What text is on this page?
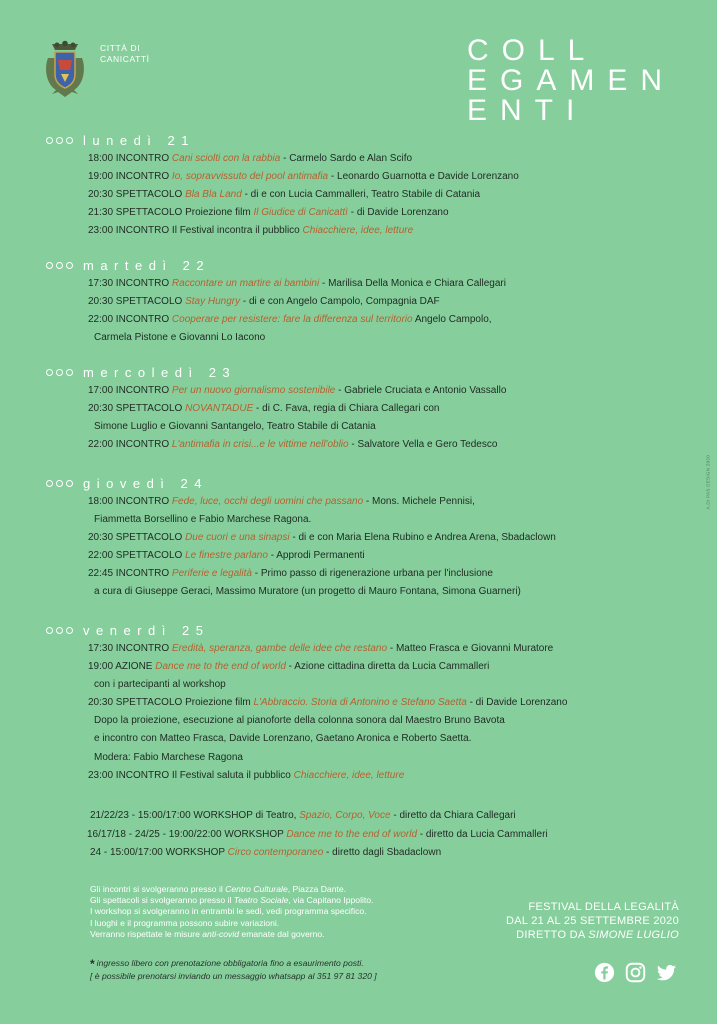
CITTÀ DI
CANICATTÌ	COLL
EGAMEN
ENTI
A.DI PAS DESIGN 2020
lunedì 21
18:00 INCONTRO Cani sciolti con la rabbia - Carmelo Sardo e Alan Scifo
19:00 INCONTRO Io, sopravvissuto del pool antimafia - Leonardo Guarnotta e Davide Lorenzano
20:30 SPETTACOLO Bla Bla Land - di e con Lucia Cammalleri, Teatro Stabile di Catania
21:30 SPETTACOLO Proiezione film Il Giudice di Canicattì - di Davide Lorenzano
23:00 INCONTRO Il Festival incontra il pubblico Chiacchiere, idee, letture
martedì 22
17:30 INCONTRO Raccontare un martire ai bambini - Marilisa Della Monica e Chiara Callegari
20:30 SPETTACOLO Stay Hungry - di e con Angelo Campolo, Compagnia DAF
22:00 INCONTRO Cooperare per resistere: fare la differenza sul territorio Angelo Campolo,
Carmela Pistone e Giovanni Lo Iacono
mercoledì 23
17:00 INCONTRO Per un nuovo giornalismo sostenibile - Gabriele Cruciata e Antonio Vassallo
20:30 SPETTACOLO NOVANTADUE - di C. Fava, regia di Chiara Callegari con
Simone Luglio e Giovanni Santangelo, Teatro Stabile di Catania
22:00 INCONTRO L'antimafia in crisi...e le vittime nell'oblio - Salvatore Vella e Gero Tedesco
giovedì 24
18:00 INCONTRO Fede, luce, occhi degli uomini che passano - Mons. Michele Pennisi,
Fiammetta Borsellino e Fabio Marchese Ragona.
20:30 SPETTACOLO Due cuori e una sinapsi - di e con Maria Elena Rubino e Andrea Arena, Sbadaclown
22:00 SPETTACOLO Le finestre parlano - Approdi Permanenti
22:45 INCONTRO Periferie e legalità - Primo passo di rigenerazione urbana per l'inclusione
a cura di Giuseppe Geraci, Massimo Muratore (un progetto di Mauro Fontana, Simona Guarneri)
venerdì 25
17:30 INCONTRO Eredità, speranza, gambe delle idee che restano - Matteo Frasca e Giovanni Muratore
19:00 AZIONE Dance me to the end of world - Azione cittadina diretta da Lucia Cammalleri
con i partecipanti al workshop
20:30 SPETTACOLO Proiezione film L'Abbraccio. Storia di Antonino e Stefano Saetta - di Davide Lorenzano
Dopo la proiezione, esecuzione al pianoforte della colonna sonora dal Maestro Bruno Bavota
e incontro con Matteo Frasca, Davide Lorenzano, Gaetano Aronica e Roberto Saetta.
Modera: Fabio Marchese Ragona
23:00 INCONTRO Il Festival saluta il pubblico Chiacchiere, idee, letture
21/22/23 - 15:00/17:00 WORKSHOP di Teatro, Spazio, Corpo, Voce - diretto da Chiara Callegari
16/17/18 - 24/25 - 19:00/22:00 WORKSHOP Dance me to the end of world - diretto da Lucia Cammalleri
24 - 15:00/17:00 WORKSHOP Circo contemporaneo - diretto dagli Sbadaclown
Gli incontri si svolgeranno presso il Centro Culturale, Piazza Dante.
Gli spettacoli si svolgeranno presso il Teatro Sociale, via Capitano Ippolito.
I workshop si svolgeranno in entrambi le sedi, vedi programma specifico.
I luoghi e il programma possono subire variazioni.
Verranno rispettate le misure anti-covid emanate dal governo.
* ingresso libero con prenotazione obbligatoria fino a esaurimento posti.
[ è possibile prenotarsi inviando un messaggio whatsapp al 351 97 81 320 ]
FESTIVAL DELLA LEGALITÀ
DAL 21 AL 25 SETTEMBRE 2020
DIRETTO DA SIMONE LUGLIO
